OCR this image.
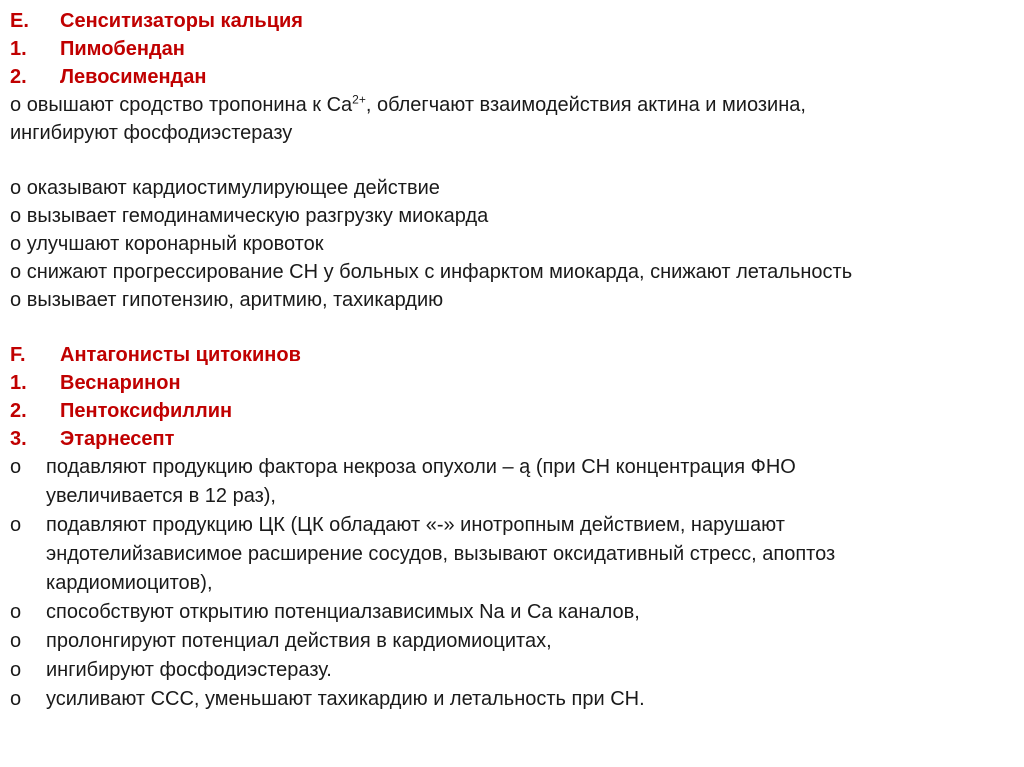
E. Сенситизаторы кальция
1. Пимобендан
2. Левосимендан
o овышают сродство тропонина к $Ca^{2+}$, облегчают взаимодействия актина и миозина,
ингибируют фосфодиэстеразу
o оказывают кардиостимулирующее действие
o вызывает гемодинамическую разгрузку миокарда
o улучшают коронарный кровоток
o снижают прогрессирование СН у больных с инфарктом миокарда, снижают летальность
o вызывает гипотензию, аритмию, тахикардию
F. Антагонисты цитокинов
1. Веснаринон
2. Пентоксифиллин
3. Этарнесепт
o	подавляют продукцию фактора некроза опухоли – ą (при СН концентрация ФНО
увеличивается в 12 раз),
o	подавляют продукцию ЦК (ЦК обладают «-» инотропным действием, нарушают
эндотелийзависимое расширение сосудов, вызывают оксидативный стресс, апоптоз
кардиомиоцитов),
o	способствуют открытию потенциалзависимых Na и Ca каналов,
o	пролонгируют потенциал действия в кардиомиоцитах,
o	ингибируют фосфодиэстеразу.
o	усиливают ССС, уменьшают тахикардию и летальность при СН.
